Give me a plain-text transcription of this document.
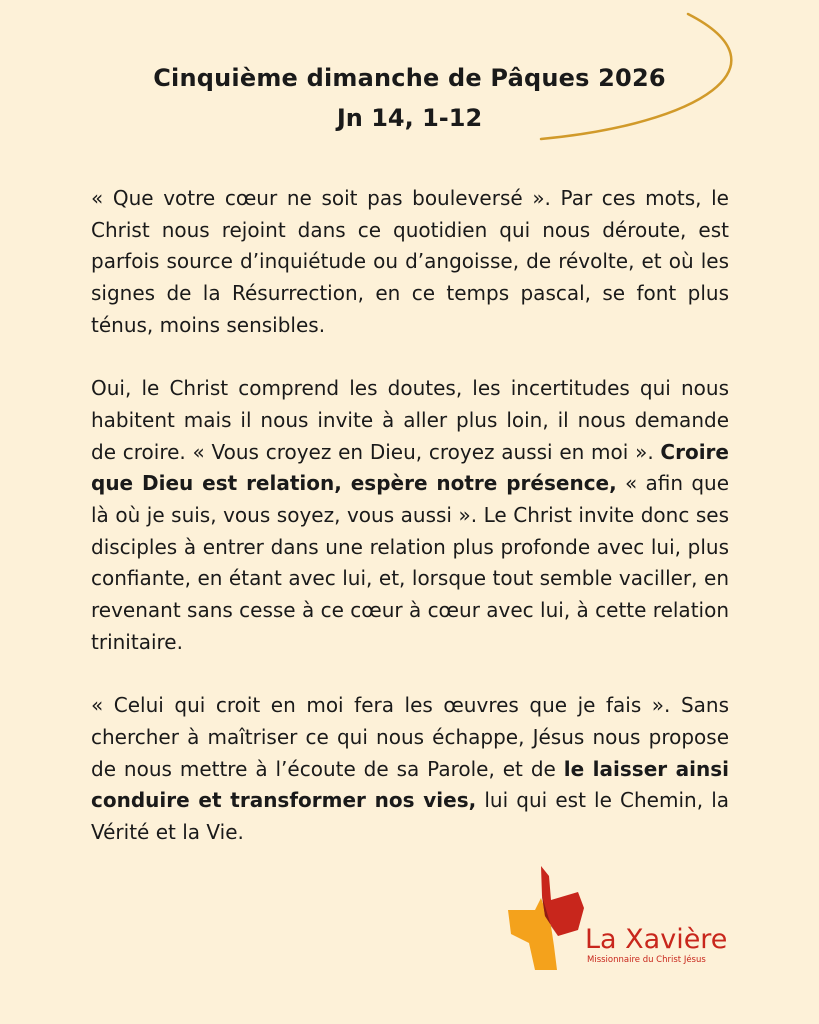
Cinquième dimanche de Pâques 2026
Jn 14, 1-12

« Que votre cœur ne soit pas bouleversé ». Par ces mots, le Christ nous rejoint dans ce quotidien qui nous déroute, est parfois source d’inquiétude ou d’angoisse, de révolte, et où les signes de la Résurrection, en ce temps pascal, se font plus ténus, moins sensibles.

Oui, le Christ comprend les doutes, les incertitudes qui nous habitent mais il nous invite à aller plus loin, il nous demande de croire. « Vous croyez en Dieu, croyez aussi en moi ». Croire que Dieu est relation, espère notre présence, « afin que là où je suis, vous soyez, vous aussi ». Le Christ invite donc ses disciples à entrer dans une relation plus profonde avec lui, plus confiante, en étant avec lui, et, lorsque tout semble vaciller, en revenant sans cesse à ce cœur à cœur avec lui, à cette relation trinitaire.

« Celui qui croit en moi fera les œuvres que je fais ». Sans chercher à maîtriser ce qui nous échappe, Jésus nous propose de nous mettre à l’écoute de sa Parole, et de le laisser ainsi conduire et transformer nos vies, lui qui est le Chemin, la Vérité et la Vie.

La Xavière
Missionnaire du Christ Jésus
